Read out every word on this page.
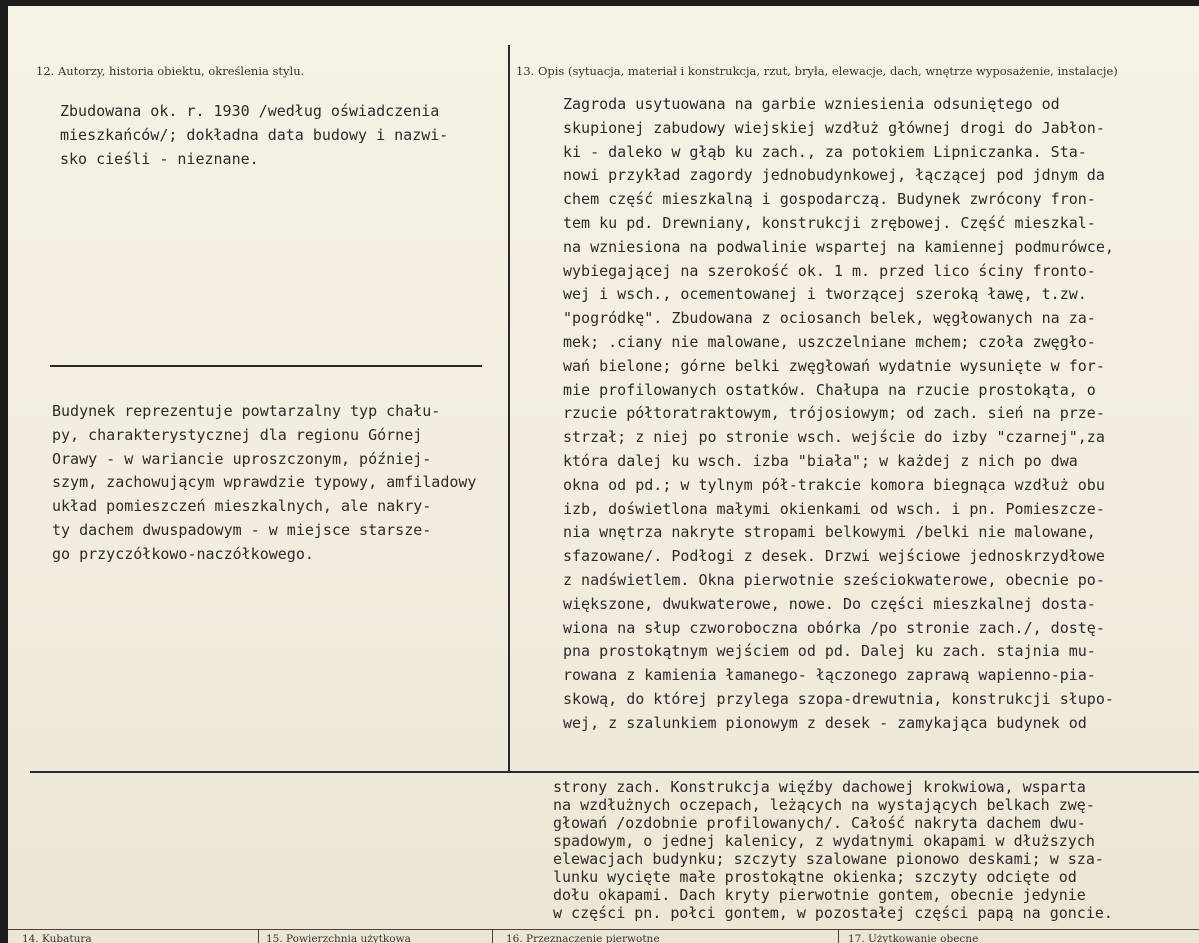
12. Autorzy, historia obiektu, określenia stylu.	13. Opis (sytuacja, materiał i konstrukcja, rzut, bryła, elewacje, dach, wnętrze wyposażenie, instalacje)
Zbudowana ok. r. 1930 /według oświadczenia
mieszkańców/; dokładna data budowy i nazwi-
sko cieśli - nieznane.
Budynek reprezentuje powtarzalny typ chału-
py, charakterystycznej dla regionu Górnej
Orawy - w wariancie uproszczonym, później-
szym, zachowującym wprawdzie typowy, amfiladowy
układ pomieszczeń mieszkalnych, ale nakry-
ty dachem dwuspadowym - w miejsce starsze-
go przyczółkowo-naczółkowego.
Zagroda usytuowana na garbie wzniesienia odsuniętego od
skupionej zabudowy wiejskiej wzdłuż głównej drogi do Jabłon-
ki - daleko w głąb ku zach., za potokiem Lipniczanka. Sta-
nowi przykład zagordy jednobudynkowej, łączącej pod jdnym da
chem część mieszkalną i gospodarczą. Budynek zwrócony fron-
tem ku pd. Drewniany, konstrukcji zrębowej. Część mieszkal-
na wzniesiona na podwalinie wspartej na kamiennej podmurówce,
wybiegającej na szerokość ok. 1 m. przed lico ściny fronto-
wej i wsch., ocementowanej i tworzącej szeroką ławę, t.zw.
"pogródkę". Zbudowana z ociosanch belek, węgłowanych na za-
mek; .ciany nie malowane, uszczelniane mchem; czoła zwęgło-
wań bielone; górne belki zwęgłowań wydatnie wysunięte w for-
mie profilowanych ostatków. Chałupa na rzucie prostokąta, o
rzucie półtoratraktowym, trójosiowym; od zach. sień na prze-
strzał; z niej po stronie wsch. wejście do izby "czarnej",za
która dalej ku wsch. izba "biała"; w każdej z nich po dwa
okna od pd.; w tylnym pół-trakcie komora biegnąca wzdłuż obu
izb, doświetlona małymi okienkami od wsch. i pn. Pomieszcze-
nia wnętrza nakryte stropami belkowymi /belki nie malowane,
sfazowane/. Podłogi z desek. Drzwi wejściowe jednoskrzydłowe
z nadświetlem. Okna pierwotnie sześciokwaterowe, obecnie po-
większone, dwukwaterowe, nowe. Do części mieszkalnej dosta-
wiona na słup czworoboczna obórka /po stronie zach./, dostę-
pna prostokątnym wejściem od pd. Dalej ku zach. stajnia mu-
rowana z kamienia łamanego- łączonego zaprawą wapienno-pia-
skową, do której przylega szopa-drewutnia, konstrukcji słupo-
wej, z szalunkiem pionowym z desek - zamykająca budynek od
strony zach. Konstrukcja więźby dachowej krokwiowa, wsparta
na wzdłużnych oczepach, leżących na wystających belkach zwę-
głowań /ozdobnie profilowanych/. Całość nakryta dachem dwu-
spadowym, o jednej kalenicy, z wydatnymi okapami w dłuższych
elewacjach budynku; szczyty szalowane pionowo deskami; w sza-
lunku wycięte małe prostokątne okienka; szczyty odcięte od
dołu okapami. Dach kryty pierwotnie gontem, obecnie jedynie
w części pn. połci gontem, w pozostałej części papą na goncie.
14. Kubatura	15. Powierzchnia użytkowa	16. Przeznaczenie pierwotne	17. Użytkowanie obecne
